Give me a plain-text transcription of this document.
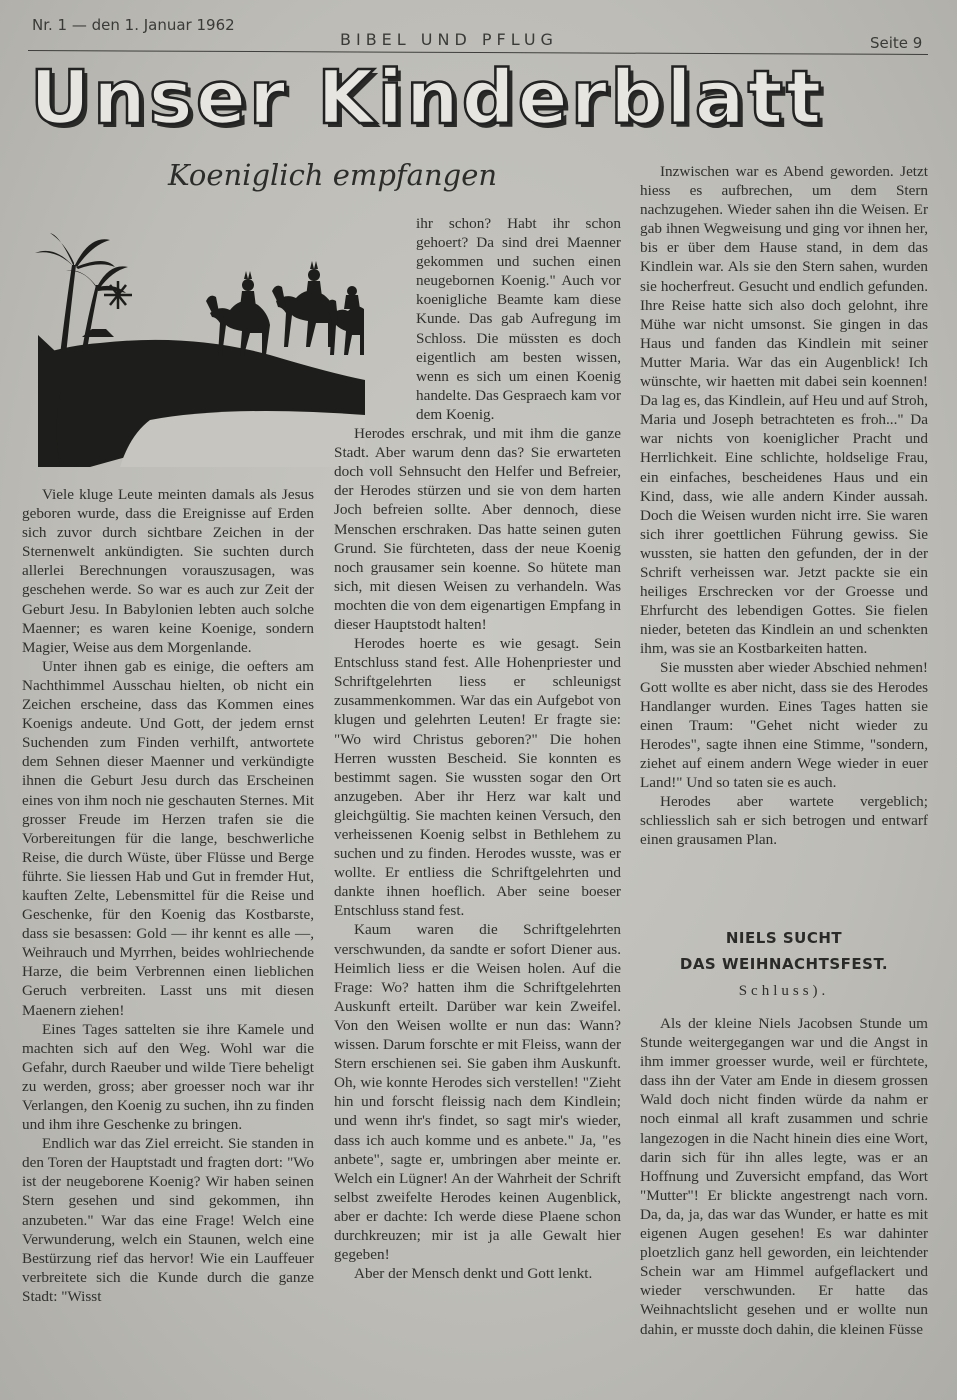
Nr. 1 — den 1. Januar 1962
BIBEL UND PFLUG	Seite 9
Unser Kinderblatt
Koeniglich empfangen

Viele kluge Leute meinten damals als Jesus geboren wurde, dass die Ereignisse auf Erden sich zuvor durch sichtbare Zeichen in der Sternenwelt ankündigten. Sie suchten durch allerlei Berechnungen vorauszusagen, was geschehen werde. So war es auch zur Zeit der Geburt Jesu. In Babylonien lebten auch solche Maenner; es waren keine Koenige, sondern Magier, Weise aus dem Morgenlande.

Unter ihnen gab es einige, die oefters am Nachthimmel Ausschau hielten, ob nicht ein Zeichen erscheine, dass das Kommen eines Koenigs andeute. Und Gott, der jedem ernst Suchenden zum Finden verhilft, antwortete dem Sehnen dieser Maenner und verkündigte ihnen die Geburt Jesu durch das Erscheinen eines von ihm noch nie geschauten Sternes. Mit grosser Freude im Herzen trafen sie die Vorbereitungen für die lange, beschwerliche Reise, die durch Wüste, über Flüsse und Berge führte. Sie liessen Hab und Gut in fremder Hut, kauften Zelte, Lebensmittel für die Reise und Geschenke, für den Koenig das Kostbarste, dass sie besassen: Gold — ihr kennt es alle —, Weihrauch und Myrrhen, beides wohlriechende Harze, die beim Verbrennen einen lieblichen Geruch verbreiten. Lasst uns mit diesen Maenern ziehen!

Eines Tages sattelten sie ihre Kamele und machten sich auf den Weg. Wohl war die Gefahr, durch Raeuber und wilde Tiere beheligt zu werden, gross; aber groesser noch war ihr Verlangen, den Koenig zu suchen, ihn zu finden und ihm ihre Geschenke zu bringen.

Endlich war das Ziel erreicht. Sie standen in den Toren der Hauptstadt und fragten dort: "Wo ist der neugeborene Koenig? Wir haben seinen Stern gesehen und sind gekommen, ihn anzubeten." War das eine Frage! Welch eine Verwunderung, welch ein Staunen, welch eine Bestürzung rief das hervor! Wie ein Lauffeuer verbreitete sich die Kunde durch die ganze Stadt: "Wisst

ihr schon? Habt ihr schon gehoert? Da sind drei Maenner gekommen und suchen einen neugebornen Koenig." Auch vor koenigliche Beamte kam diese Kunde. Das gab Aufregung im Schloss. Die müssten es doch eigentlich am besten wissen, wenn es sich um einen Koenig handelte. Das Gespraech kam vor dem Koenig.

Herodes erschrak, und mit ihm die ganze Stadt. Aber warum denn das? Sie erwarteten doch voll Sehnsucht den Helfer und Befreier, der Herodes stürzen und sie von dem harten Joch befreien sollte. Aber dennoch, diese Menschen erschraken. Das hatte seinen guten Grund. Sie fürchteten, dass der neue Koenig noch grausamer sein koenne. So hütete man sich, mit diesen Weisen zu verhandeln. Was mochten die von dem eigenartigen Empfang in dieser Hauptstodt halten!

Herodes hoerte es wie gesagt. Sein Entschluss stand fest. Alle Hohenpriester und Schriftgelehrten liess er schleunigst zusammenkommen. War das ein Aufgebot von klugen und gelehrten Leuten! Er fragte sie: "Wo wird Christus geboren?" Die hohen Herren wussten Bescheid. Sie konnten es bestimmt sagen. Sie wussten sogar den Ort anzugeben. Aber ihr Herz war kalt und gleichgültig. Sie machten keinen Versuch, den verheissenen Koenig selbst in Bethlehem zu suchen und zu finden. Herodes wusste, was er wollte. Er entliess die Schriftgelehrten und dankte ihnen hoeflich. Aber seine boeser Entschluss stand fest.

Kaum waren die Schriftgelehrten verschwunden, da sandte er sofort Diener aus. Heimlich liess er die Weisen holen. Auf die Frage: Wo? hatten ihm die Schriftgelehrten Auskunft erteilt. Darüber war kein Zweifel. Von den Weisen wollte er nun das: Wann? wissen. Darum forschte er mit Fleiss, wann der Stern erschienen sei. Sie gaben ihm Auskunft. Oh, wie konnte Herodes sich verstellen! "Zieht hin und forscht fleissig nach dem Kindlein; und wenn ihr's findet, so sagt mir's wieder, dass ich auch komme und es anbete." Ja, "es anbete", sagte er, umbringen aber meinte er. Welch ein Lügner! An der Wahrheit der Schrift selbst zweifelte Herodes keinen Augenblick, aber er dachte: Ich werde diese Plaene schon durchkreuzen; mir ist ja alle Gewalt hier gegeben!

Aber der Mensch denkt und Gott lenkt.

Inzwischen war es Abend geworden. Jetzt hiess es aufbrechen, um dem Stern nachzugehen. Wieder sahen ihn die Weisen. Er gab ihnen Wegweisung und ging vor ihnen her, bis er über dem Hause stand, in dem das Kindlein war. Als sie den Stern sahen, wurden sie hocherfreut. Gesucht und endlich gefunden. Ihre Reise hatte sich also doch gelohnt, ihre Mühe war nicht umsonst. Sie gingen in das Haus und fanden das Kindlein mit seiner Mutter Maria. War das ein Augenblick! Ich wünschte, wir haetten mit dabei sein koennen! Da lag es, das Kindlein, auf Heu und auf Stroh, Maria und Joseph betrachteten es froh..." Da war nichts von koeniglicher Pracht und Herrlichkeit. Eine schlichte, holdselige Frau, ein einfaches, bescheidenes Haus und ein Kind, dass, wie alle andern Kinder aussah. Doch die Weisen wurden nicht irre. Sie waren sich ihrer goettlichen Führung gewiss. Sie wussten, sie hatten den gefunden, der in der Schrift verheissen war. Jetzt packte sie ein heiliges Erschrecken vor der Groesse und Ehrfurcht des lebendigen Gottes. Sie fielen nieder, beteten das Kindlein an und schenkten ihm, was sie an Kostbarkeiten hatten.

Sie mussten aber wieder Abschied nehmen! Gott wollte es aber nicht, dass sie des Herodes Handlanger wurden. Eines Tages hatten sie einen Traum: "Gehet nicht wieder zu Herodes", sagte ihnen eine Stimme, "sondern, ziehet auf einem andern Wege wieder in euer Land!" Und so taten sie es auch.

Herodes aber wartete vergeblich; schliesslich sah er sich betrogen und entwarf einen grausamen Plan.

NIELS SUCHT
DAS WEIHNACHTSFEST.
Schluss).

Als der kleine Niels Jacobsen Stunde um Stunde weitergegangen war und die Angst in ihm immer groesser wurde, weil er fürchtete, dass ihn der Vater am Ende in diesem grossen Wald doch nicht finden würde da nahm er noch einmal all kraft zusammen und schrie langezogen in die Nacht hinein dies eine Wort, darin sich für ihn alles legte, was er an Hoffnung und Zuversicht empfand, das Wort "Mutter"! Er blickte angestrengt nach vorn. Da, da, ja, das war das Wunder, er hatte es mit eigenen Augen gesehen! Es war dahinter ploetzlich ganz hell geworden, ein leichtender Schein war am Himmel aufgeflackert und wieder verschwunden. Er hatte das Weihnachtslicht gesehen und er wollte nun dahin, er musste doch dahin, die kleinen Füsse
